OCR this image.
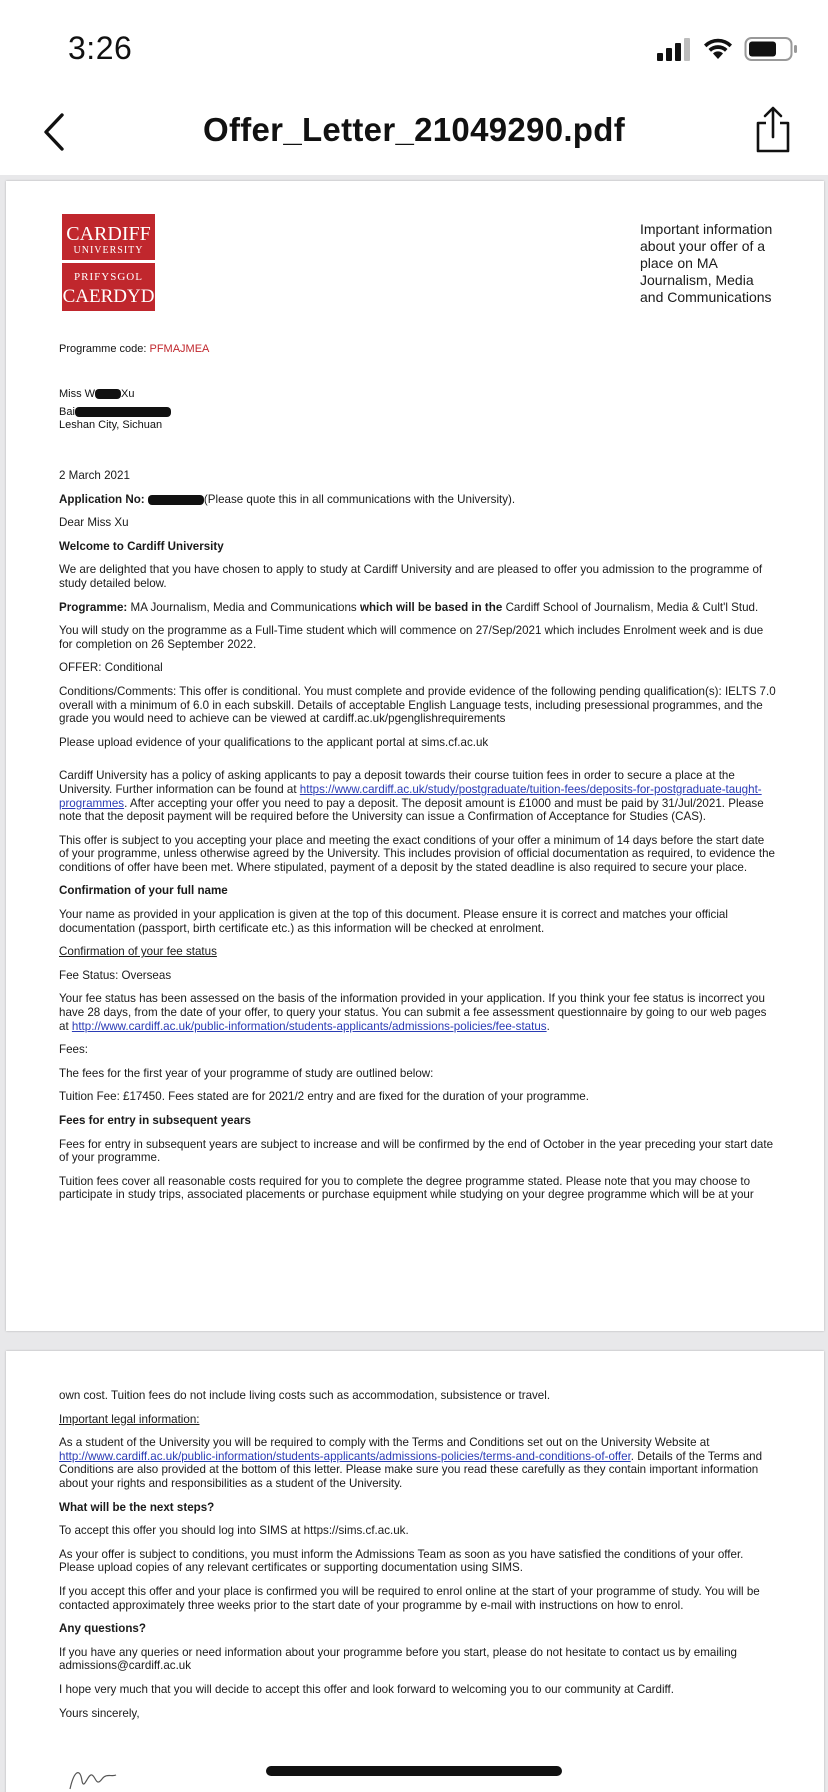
3:26
Offer_Letter_21049290.pdf
CARDIFF
UNIVERSITY
PRIFYSGOL
CAERDYD
Important information about your offer of a place on MA Journalism, Media and Communications
Programme code: PFMAJMEA
Miss W Xu
Bai
Leshan City, Sichuan

2 March 2021

Application No:	(Please quote this in all communications with the University).

Dear Miss Xu

Welcome to Cardiff University

We are delighted that you have chosen to apply to study at Cardiff University and are pleased to offer you admission to the programme of study detailed below.

Programme: MA Journalism, Media and Communications which will be based in the Cardiff School of Journalism, Media & Cult'l Stud.

You will study on the programme as a Full-Time student which will commence on 27/Sep/2021 which includes Enrolment week and is due for completion on 26 September 2022.

OFFER: Conditional

Conditions/Comments: This offer is conditional. You must complete and provide evidence of the following pending qualification(s): IELTS 7.0 overall with a minimum of 6.0 in each subskill. Details of acceptable English Language tests, including presessional programmes, and the grade you would need to achieve can be viewed at cardiff.ac.uk/pgenglishrequirements

Please upload evidence of your qualifications to the applicant portal at sims.cf.ac.uk

Cardiff University has a policy of asking applicants to pay a deposit towards their course tuition fees in order to secure a place at the University. Further information can be found at https://www.cardiff.ac.uk/study/postgraduate/tuition-fees/deposits-for-postgraduate-taught-programmes. After accepting your offer you need to pay a deposit. The deposit amount is £1000 and must be paid by 31/Jul/2021. Please note that the deposit payment will be required before the University can issue a Confirmation of Acceptance for Studies (CAS).

This offer is subject to you accepting your place and meeting the exact conditions of your offer a minimum of 14 days before the start date of your programme, unless otherwise agreed by the University. This includes provision of official documentation as required, to evidence the conditions of offer have been met. Where stipulated, payment of a deposit by the stated deadline is also required to secure your place.

Confirmation of your full name

Your name as provided in your application is given at the top of this document. Please ensure it is correct and matches your official documentation (passport, birth certificate etc.) as this information will be checked at enrolment.

Confirmation of your fee status

Fee Status: Overseas

Your fee status has been assessed on the basis of the information provided in your application. If you think your fee status is incorrect you have 28 days, from the date of your offer, to query your status. You can submit a fee assessment questionnaire by going to our web pages at http://www.cardiff.ac.uk/public-information/students-applicants/admissions-policies/fee-status.

Fees:

The fees for the first year of your programme of study are outlined below:

Tuition Fee: £17450. Fees stated are for 2021/2 entry and are fixed for the duration of your programme.

Fees for entry in subsequent years

Fees for entry in subsequent years are subject to increase and will be confirmed by the end of October in the year preceding your start date of your programme.

Tuition fees cover all reasonable costs required for you to complete the degree programme stated. Please note that you may choose to participate in study trips, associated placements or purchase equipment while studying on your degree programme which will be at your

own cost. Tuition fees do not include living costs such as accommodation, subsistence or travel.

Important legal information:

As a student of the University you will be required to comply with the Terms and Conditions set out on the University Website at http://www.cardiff.ac.uk/public-information/students-applicants/admissions-policies/terms-and-conditions-of-offer. Details of the Terms and Conditions are also provided at the bottom of this letter. Please make sure you read these carefully as they contain important information about your rights and responsibilities as a student of the University.

What will be the next steps?

To accept this offer you should log into SIMS at https://sims.cf.ac.uk.

As your offer is subject to conditions, you must inform the Admissions Team as soon as you have satisfied the conditions of your offer. Please upload copies of any relevant certificates or supporting documentation using SIMS.

If you accept this offer and your place is confirmed you will be required to enrol online at the start of your programme of study. You will be contacted approximately three weeks prior to the start date of your programme by e-mail with instructions on how to enrol.

Any questions?

If you have any queries or need information about your programme before you start, please do not hesitate to contact us by emailing admissions@cardiff.ac.uk

I hope very much that you will decide to accept this offer and look forward to welcoming you to our community at Cardiff.

Yours sincerely,
